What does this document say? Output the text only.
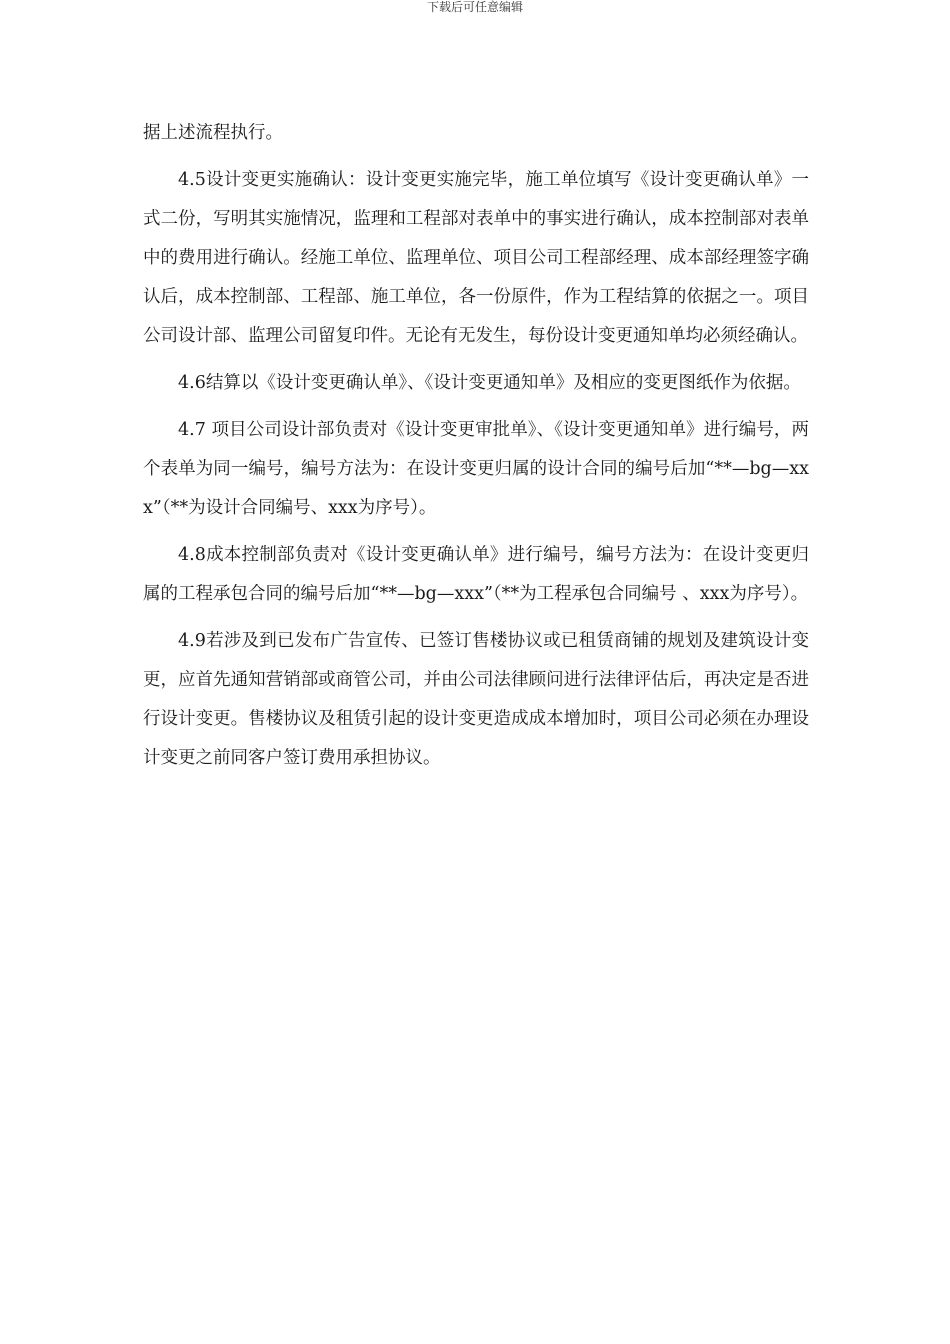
下载后可任意编辑

据上述流程执行。

4.5设计变更实施确认：设计变更实施完毕，施工单位填写《设计变更确认单》一式二份，写明其实施情况，监理和工程部对表单中的事实进行确认，成本控制部对表单中的费用进行确认。经施工单位、监理单位、项目公司工程部经理、成本部经理签字确认后，成本控制部、工程部、施工单位，各一份原件，作为工程结算的依据之一。项目公司设计部、监理公司留复印件。无论有无发生，每份设计变更通知单均必须经确认。

4.6结算以《设计变更确认单》、《设计变更通知单》及相应的变更图纸作为依据。

4.7 项目公司设计部负责对《设计变更审批单》、《设计变更通知单》进行编号，两个表单为同一编号，编号方法为：在设计变更归属的设计合同的编号后加“**—bg—xxx”（**为设计合同编号、xxx为序号）。

4.8成本控制部负责对《设计变更确认单》进行编号，编号方法为：在设计变更归属的工程承包合同的编号后加“**—bg—xxx”（**为工程承包合同编号 、xxx为序号）。

4.9若涉及到已发布广告宣传、已签订售楼协议或已租赁商铺的规划及建筑设计变更，应首先通知营销部或商管公司，并由公司法律顾问进行法律评估后，再决定是否进行设计变更。售楼协议及租赁引起的设计变更造成成本增加时，项目公司必须在办理设计变更之前同客户签订费用承担协议。
